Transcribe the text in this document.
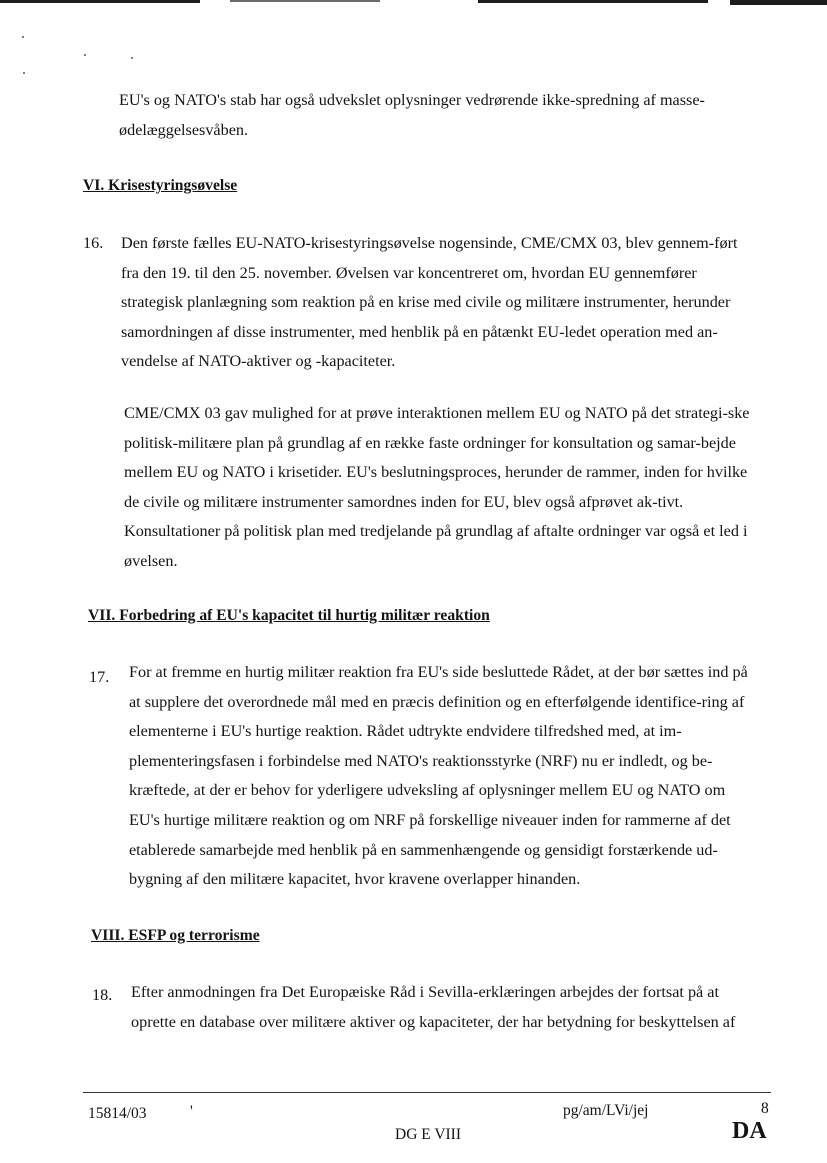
EU's og NATO's stab har også udvekslet oplysninger vedrørende ikke-spredning af masse-ødelæggelsesvåben.

VI. Krisestyringsøvelse
16. Den første fælles EU-NATO-krisestyringsøvelse nogensinde, CME/CMX 03, blev gennem-ført fra den 19. til den 25. november. Øvelsen var koncentreret om, hvordan EU gennemfører strategisk planlægning som reaktion på en krise med civile og militære instrumenter, herunder samordningen af disse instrumenter, med henblik på en påtænkt EU-ledet operation med an-vendelse af NATO-aktiver og -kapaciteter.

CME/CMX 03 gav mulighed for at prøve interaktionen mellem EU og NATO på det strategi-ske politisk-militære plan på grundlag af en række faste ordninger for konsultation og samar-bejde mellem EU og NATO i krisetider. EU's beslutningsproces, herunder de rammer, inden for hvilke de civile og militære instrumenter samordnes inden for EU, blev også afprøvet ak-tivt. Konsultationer på politisk plan med tredjelande på grundlag af aftalte ordninger var også et led i øvelsen.

VII. Forbedring af EU's kapacitet til hurtig militær reaktion
17. For at fremme en hurtig militær reaktion fra EU's side besluttede Rådet, at der bør sættes ind på at supplere det overordnede mål med en præcis definition og en efterfølgende identifice-ring af elementerne i EU's hurtige reaktion. Rådet udtrykte endvidere tilfredshed med, at im-plementeringsfasen i forbindelse med NATO's reaktionsstyrke (NRF) nu er indledt, og be-kræftede, at der er behov for yderligere udveksling af oplysninger mellem EU og NATO om EU's hurtige militære reaktion og om NRF på forskellige niveauer inden for rammerne af det etablerede samarbejde med henblik på en sammenhængende og gensidigt forstærkende ud-bygning af den militære kapacitet, hvor kravene overlapper hinanden.

VIII. ESFP og terrorisme
18. Efter anmodningen fra Det Europæiske Råd i Sevilla-erklæringen arbejdes der fortsat på at oprette en database over militære aktiver og kapaciteter, der har betydning for beskyttelsen af

15814/03	'	pg/am/LVi/jej	8
DG E VIII	DA
